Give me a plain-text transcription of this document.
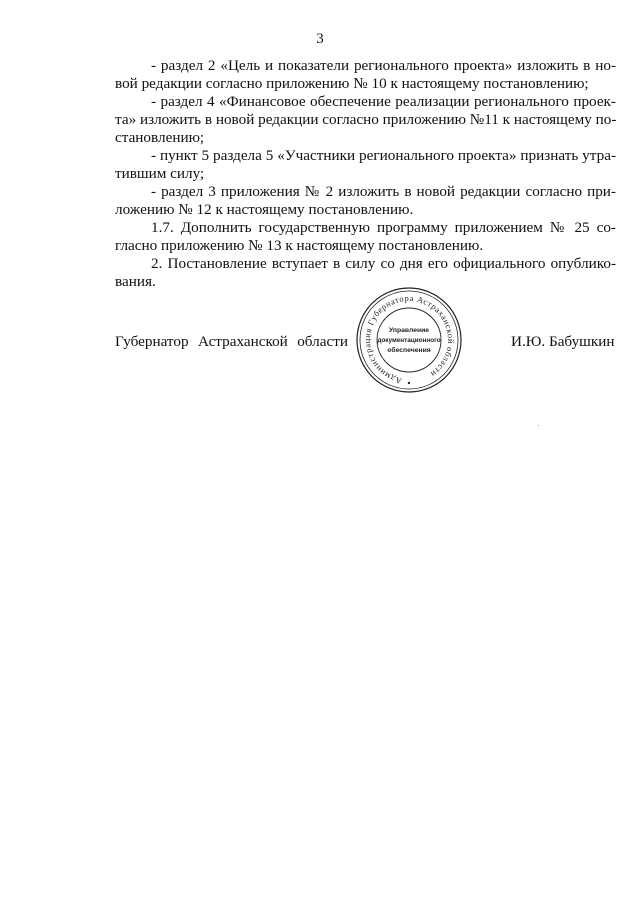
3
- раздел 2 «Цель и показатели регионального проекта» изложить в но-
вой редакции согласно приложению № 10 к настоящему постановлению;
- раздел 4 «Финансовое обеспечение реализации регионального проек-
та» изложить в новой редакции согласно приложению №11 к настоящему по-
становлению;
- пункт 5 раздела 5 «Участники регионального проекта» признать утра-
тившим силу;
- раздел 3 приложения № 2 изложить в новой редакции согласно при-
ложению № 12 к настоящему постановлению.
1.7. Дополнить государственную программу приложением № 25 со-
гласно приложению № 13 к настоящему постановлению.
2. Постановление вступает в силу со дня его официального опублико-
вания.
Губернатор Астраханской области	И.Ю. Бабушкин
Администрация Губернатора Астраханской области
Управление
документационного
обеспечения
